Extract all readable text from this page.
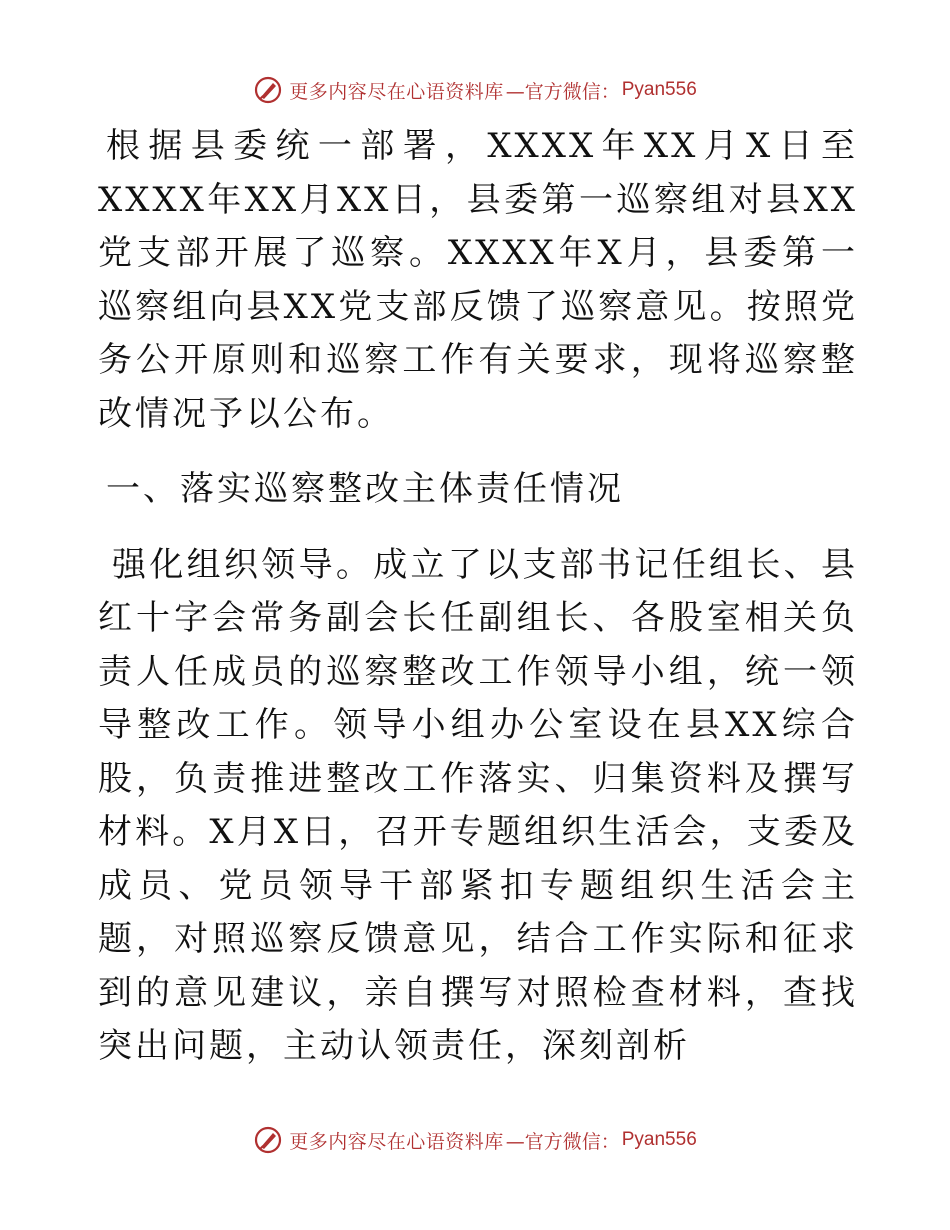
更多内容尽在心语资料库 —官方微信： Pyan556

根据县委统一部署，XXXX年XX月X日至XXXX年XX月XX日，县委第一巡察组对县XX党支部开展了巡察。XXXX年X月，县委第一巡察组向县XX党支部反馈了巡察意见。按照党务公开原则和巡察工作有关要求，现将巡察整改情况予以公布。

一、落实巡察整改主体责任情况

强化组织领导。成立了以支部书记任组长、县红十字会常务副会长任副组长、各股室相关负责人任成员的巡察整改工作领导小组，统一领导整改工作。领导小组办公室设在县XX综合股，负责推进整改工作落实、归集资料及撰写材料。X月X日，召开专题组织生活会，支委及成员、党员领导干部紧扣专题组织生活会主题，对照巡察反馈意见，结合工作实际和征求到的意见建议，亲自撰写对照检查材料，查找突出问题，主动认领责任，深刻剖析

更多内容尽在心语资料库 —官方微信： Pyan556
